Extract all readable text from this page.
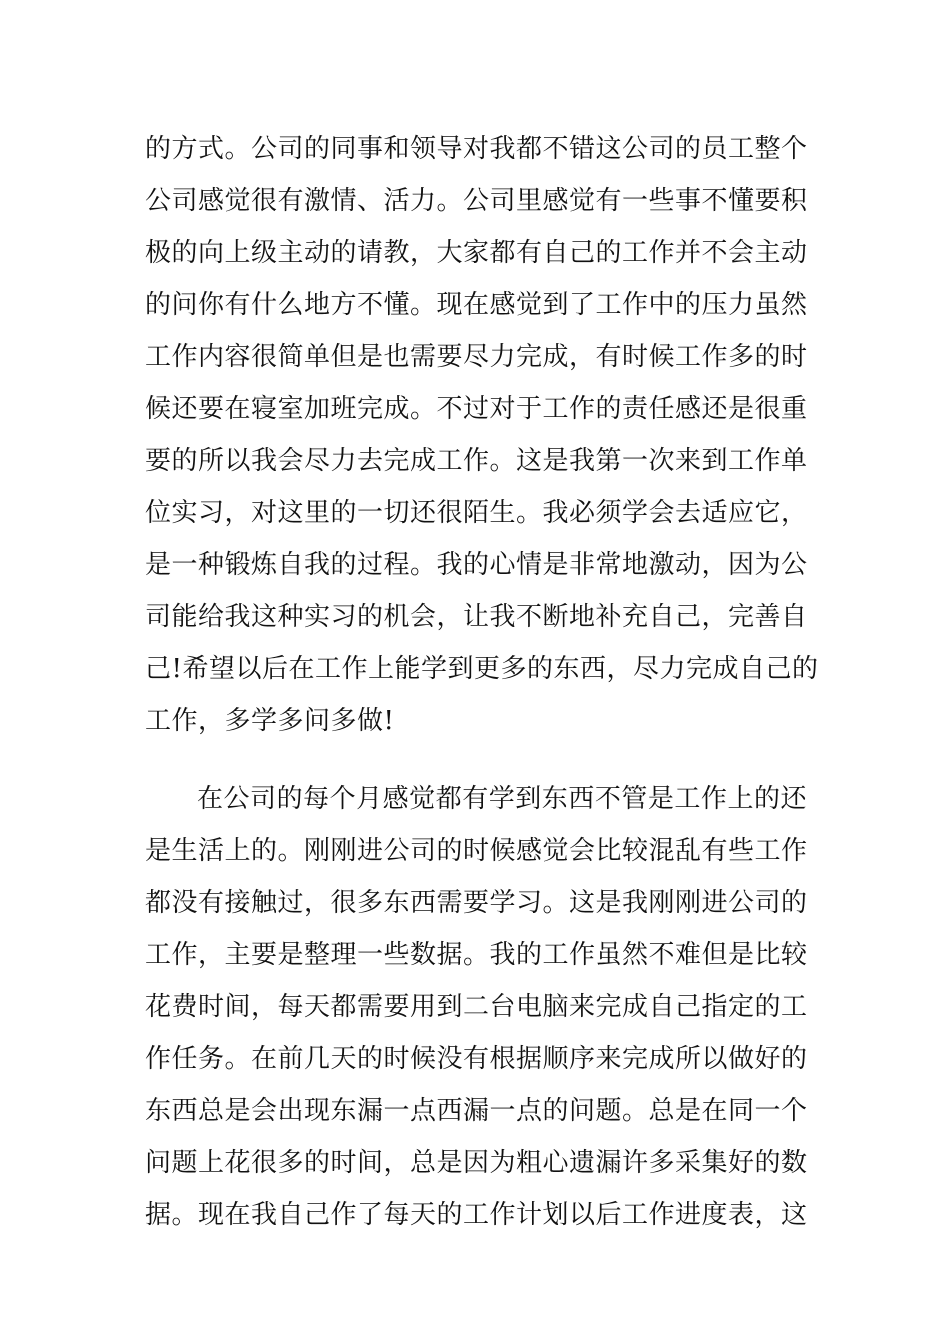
的方式。公司的同事和领导对我都不错这公司的员工整个
公司感觉很有激情、活力。公司里感觉有一些事不懂要积
极的向上级主动的请教，大家都有自己的工作并不会主动
的问你有什么地方不懂。现在感觉到了工作中的压力虽然
工作内容很简单但是也需要尽力完成，有时候工作多的时
候还要在寝室加班完成。不过对于工作的责任感还是很重
要的所以我会尽力去完成工作。这是我第一次来到工作单
位实习，对这里的一切还很陌生。我必须学会去适应它，
是一种锻炼自我的过程。我的心情是非常地激动，因为公
司能给我这种实习的机会，让我不断地补充自己，完善自
己!希望以后在工作上能学到更多的东西，尽力完成自己的
工作，多学多问多做!
在公司的每个月感觉都有学到东西不管是工作上的还
是生活上的。刚刚进公司的时候感觉会比较混乱有些工作
都没有接触过，很多东西需要学习。这是我刚刚进公司的
工作，主要是整理一些数据。我的工作虽然不难但是比较
花费时间，每天都需要用到二台电脑来完成自己指定的工
作任务。在前几天的时候没有根据顺序来完成所以做好的
东西总是会出现东漏一点西漏一点的问题。总是在同一个
问题上花很多的时间，总是因为粗心遗漏许多采集好的数
据。现在我自己作了每天的工作计划以后工作进度表，这
